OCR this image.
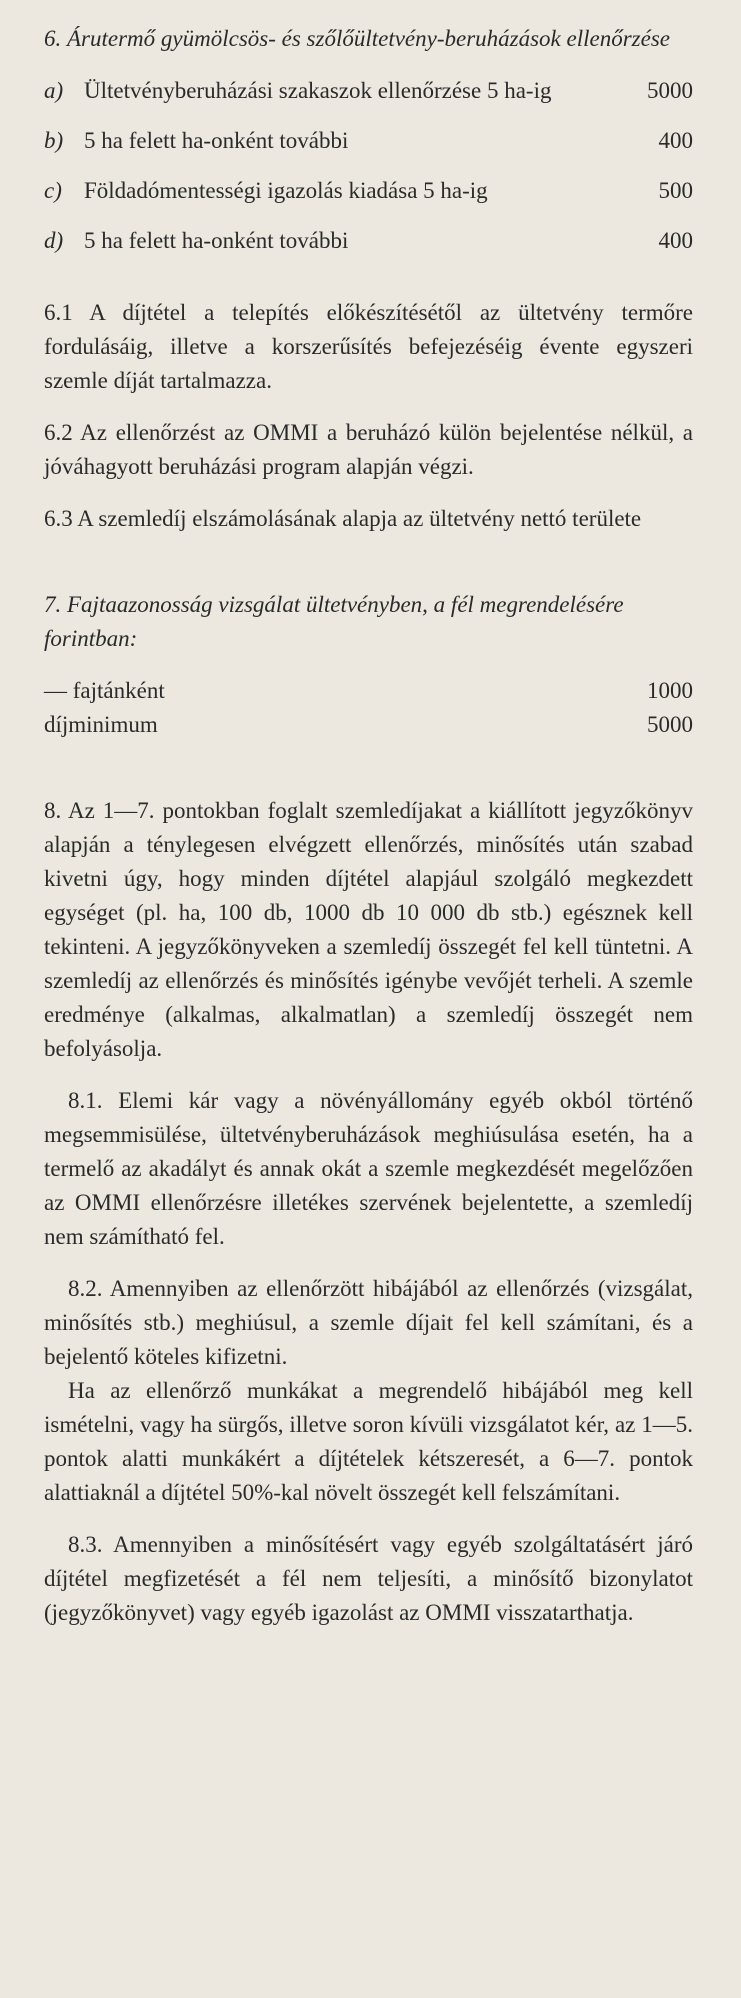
6. Árutermő gyümölcsös- és szőlőültetvény-beruházások ellenőrzése

a) Ültetvényberuházási szakaszok ellenőrzése 5 ha-ig	5000
b) 5 ha felett ha-onként további	400
c) Földadómentességi igazolás kiadása 5 ha-ig	500
d) 5 ha felett ha-onként további	400

6.1 A díjtétel a telepítés előkészítésétől az ültetvény termőre fordulásáig, illetve a korszerűsítés befejezéséig évente egyszeri szemle díját tartalmazza.

6.2 Az ellenőrzést az OMMI a beruházó külön bejelentése nélkül, a jóváhagyott beruházási program alapján végzi.

6.3 A szemledíj elszámolásának alapja az ültetvény nettó területe

7. Fajtaazonosság vizsgálat ültetvényben, a fél megrendelésére forintban:

— fajtánként	1000
díjminimum	5000

8. Az 1—7. pontokban foglalt szemledíjakat a kiállított jegyzőkönyv alapján a ténylegesen elvégzett ellenőrzés, minősítés után szabad kivetni úgy, hogy minden díjtétel alapjául szolgáló megkezdett egységet (pl. ha, 100 db, 1000 db 10 000 db stb.) egésznek kell tekinteni. A jegyzőkönyveken a szemledíj összegét fel kell tüntetni. A szemledíj az ellenőrzés és minősítés igénybe vevőjét terheli. A szemle eredménye (alkalmas, alkalmatlan) a szemledíj összegét nem befolyásolja.

8.1. Elemi kár vagy a növényállomány egyéb okból történő megsemmisülése, ültetvényberuházások meghiúsulása esetén, ha a termelő az akadályt és annak okát a szemle megkezdését megelőzően az OMMI ellenőrzésre illetékes szervének bejelentette, a szemledíj nem számítható fel.

8.2. Amennyiben az ellenőrzött hibájából az ellenőrzés (vizsgálat, minősítés stb.) meghiúsul, a szemle díjait fel kell számítani, és a bejelentő köteles kifizetni.

Ha az ellenőrző munkákat a megrendelő hibájából meg kell ismételni, vagy ha sürgős, illetve soron kívüli vizsgálatot kér, az 1—5. pontok alatti munkákért a díjtételek kétszeresét, a 6—7. pontok alattiaknál a díjtétel 50%-kal növelt összegét kell felszámítani.

8.3. Amennyiben a minősítésért vagy egyéb szolgáltatásért járó díjtétel megfizetését a fél nem teljesíti, a minősítő bizonylatot (jegyzőkönyvet) vagy egyéb igazolást az OMMI visszatarthatja.
